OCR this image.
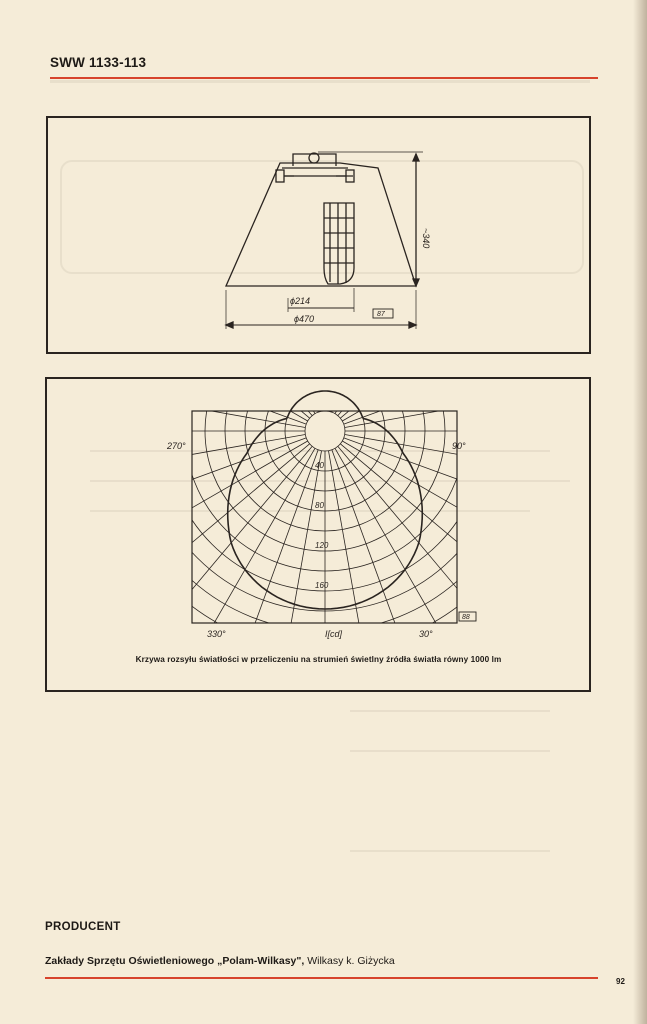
SWW 1133-113
~340
ϕ214
ϕ470	87
270°	90°
330°	30°
I[cd]
88
40
80
120
160
Krzywa rozsyłu światłości w przeliczeniu na strumień świetlny źródła światła równy 1000 lm
PRODUCENT
Zakłady Sprzętu Oświetleniowego „Polam-Wilkasy", Wilkasy k. Giżycka
92
